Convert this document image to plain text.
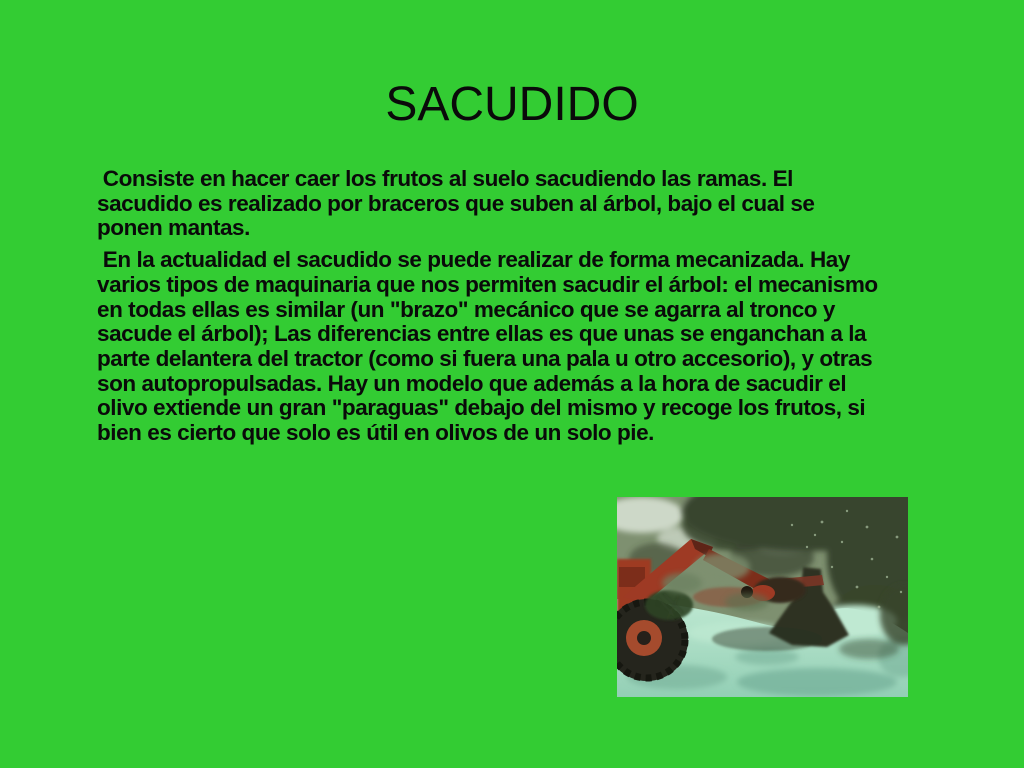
SACUDIDO
Consiste en hacer caer los frutos al suelo sacudiendo las ramas. El
sacudido es realizado por braceros que suben al árbol, bajo el cual se
ponen mantas.
En la actualidad el sacudido se puede realizar de forma mecanizada. Hay
varios tipos de maquinaria que nos permiten sacudir el árbol: el mecanismo
en todas ellas es similar (un "brazo" mecánico que se agarra al tronco y
sacude el árbol); Las diferencias entre ellas es que unas se enganchan a la
parte delantera del tractor (como si fuera una pala u otro accesorio), y otras
son autopropulsadas. Hay un modelo que además a la hora de sacudir el
olivo extiende un gran "paraguas" debajo del mismo y recoge los frutos, si
bien es cierto que solo es útil en olivos de un solo pie.
